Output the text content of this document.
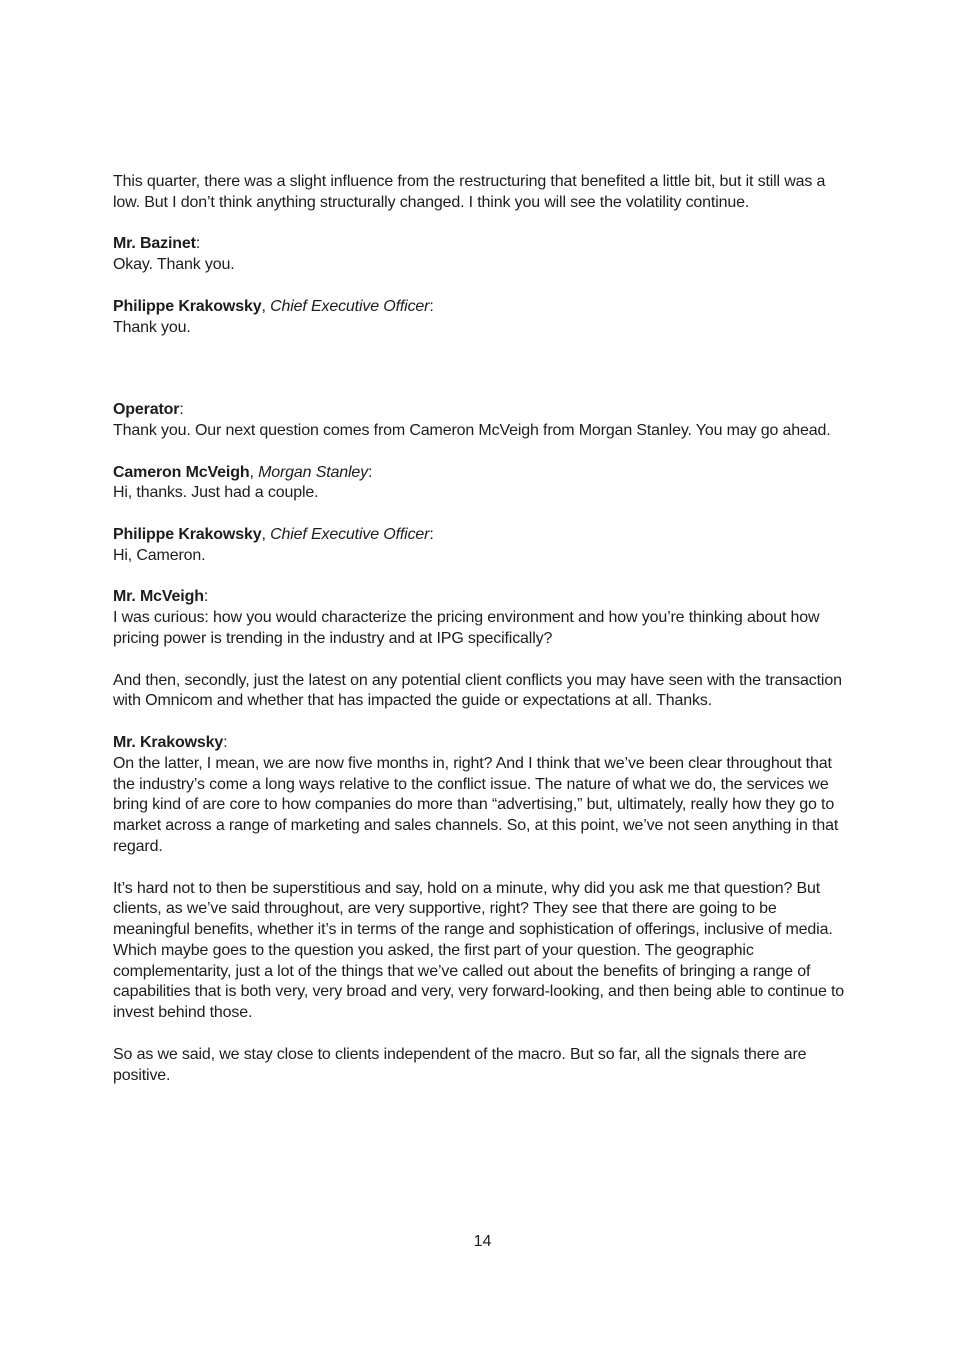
This quarter, there was a slight influence from the restructuring that benefited a little bit, but it still was a low. But I don’t think anything structurally changed. I think you will see the volatility continue.

Mr. Bazinet:
Okay. Thank you.
Philippe Krakowsky, Chief Executive Officer:
Thank you.
Operator:
Thank you. Our next question comes from Cameron McVeigh from Morgan Stanley. You may go ahead.
Cameron McVeigh, Morgan Stanley:
Hi, thanks. Just had a couple.
Philippe Krakowsky, Chief Executive Officer:
Hi, Cameron.
Mr. McVeigh:
I was curious: how you would characterize the pricing environment and how you’re thinking about how pricing power is trending in the industry and at IPG specifically?

And then, secondly, just the latest on any potential client conflicts you may have seen with the transaction with Omnicom and whether that has impacted the guide or expectations at all. Thanks.

Mr. Krakowsky:
On the latter, I mean, we are now five months in, right? And I think that we’ve been clear throughout that the industry’s come a long ways relative to the conflict issue. The nature of what we do, the services we bring kind of are core to how companies do more than “advertising,” but, ultimately, really how they go to market across a range of marketing and sales channels. So, at this point, we’ve not seen anything in that regard.

It’s hard not to then be superstitious and say, hold on a minute, why did you ask me that question? But clients, as we’ve said throughout, are very supportive, right? They see that there are going to be meaningful benefits, whether it’s in terms of the range and sophistication of offerings, inclusive of media. Which maybe goes to the question you asked, the first part of your question. The geographic complementarity, just a lot of the things that we’ve called out about the benefits of bringing a range of capabilities that is both very, very broad and very, very forward-looking, and then being able to continue to invest behind those.

So as we said, we stay close to clients independent of the macro. But so far, all the signals there are positive.

14
